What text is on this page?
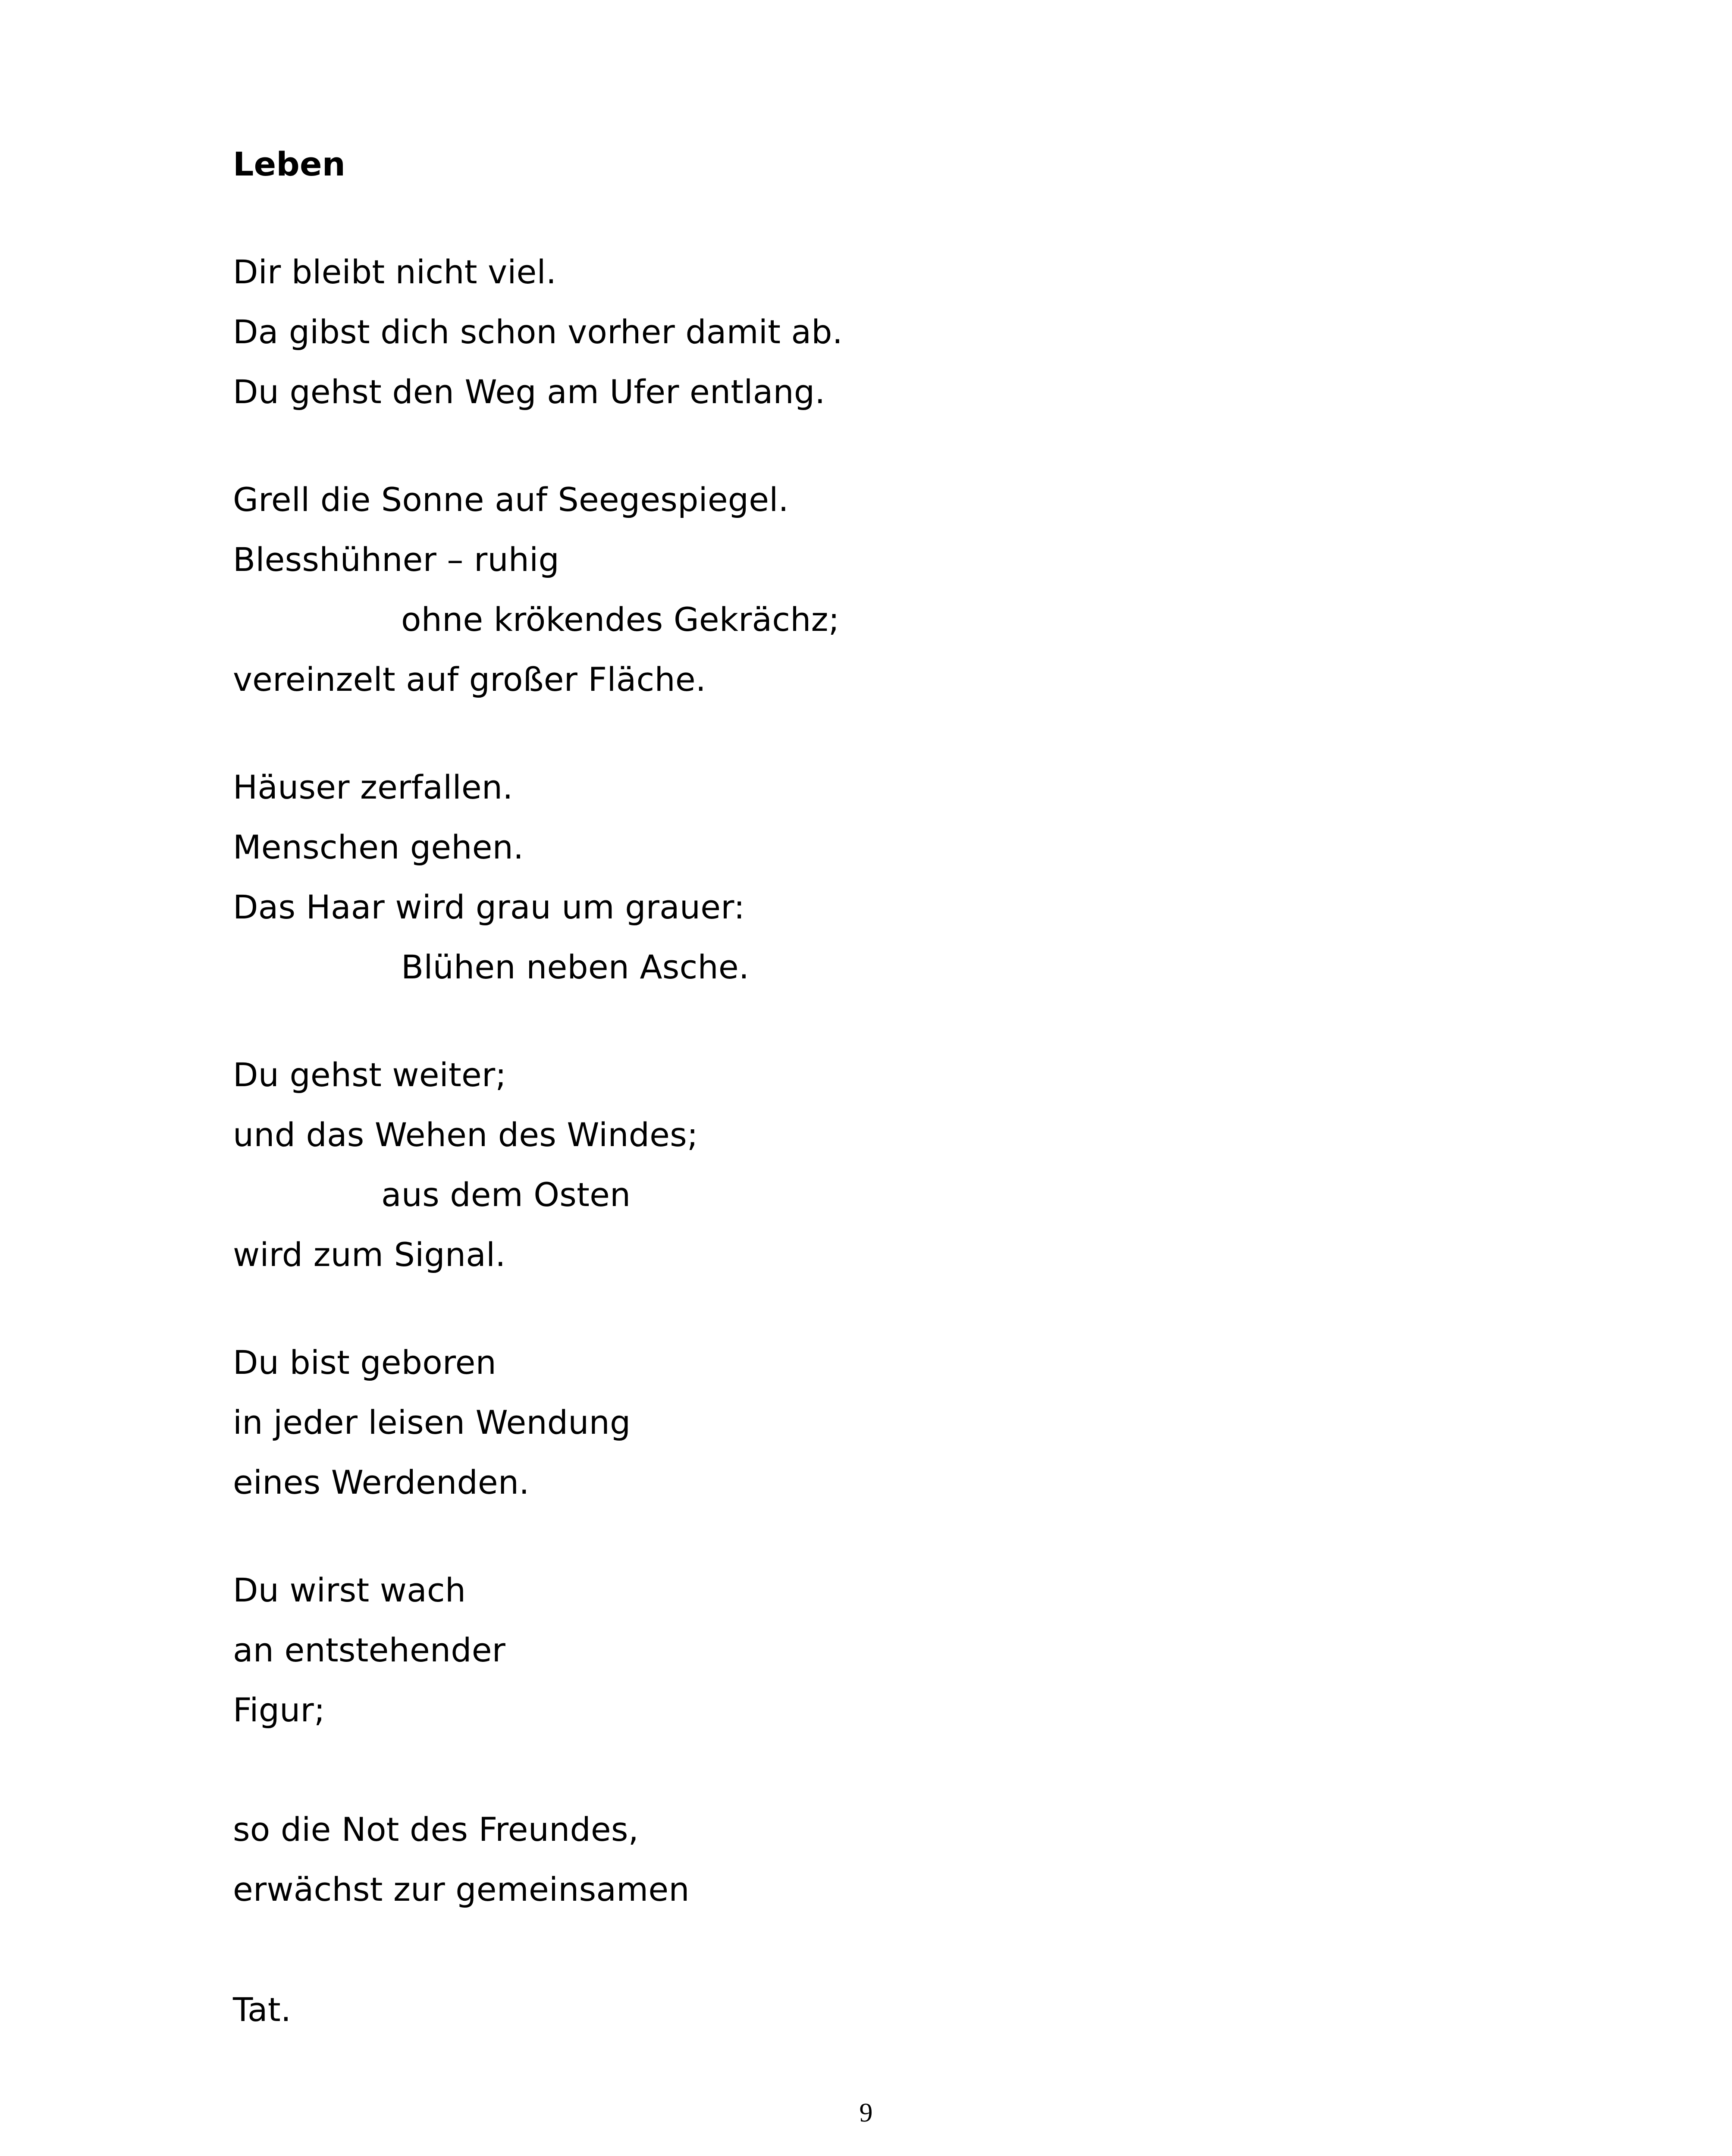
Leben
Dir bleibt nicht viel.
Da gibst dich schon vorher damit ab.
Du gehst den Weg am Ufer entlang.
Grell die Sonne auf Seegespiegel.
Blesshühner – ruhig
ohne krökendes Gekrächz;
vereinzelt auf großer Fläche.
Häuser zerfallen.
Menschen gehen.
Das Haar wird grau um grauer:
Blühen neben Asche.
Du gehst weiter;
und das Wehen des Windes;
aus dem Osten
wird zum Signal.
Du bist geboren
in jeder leisen Wendung
eines Werdenden.
Du wirst wach
an entstehender
Figur;
so die Not des Freundes,
erwächst zur gemeinsamen
Tat.
9
